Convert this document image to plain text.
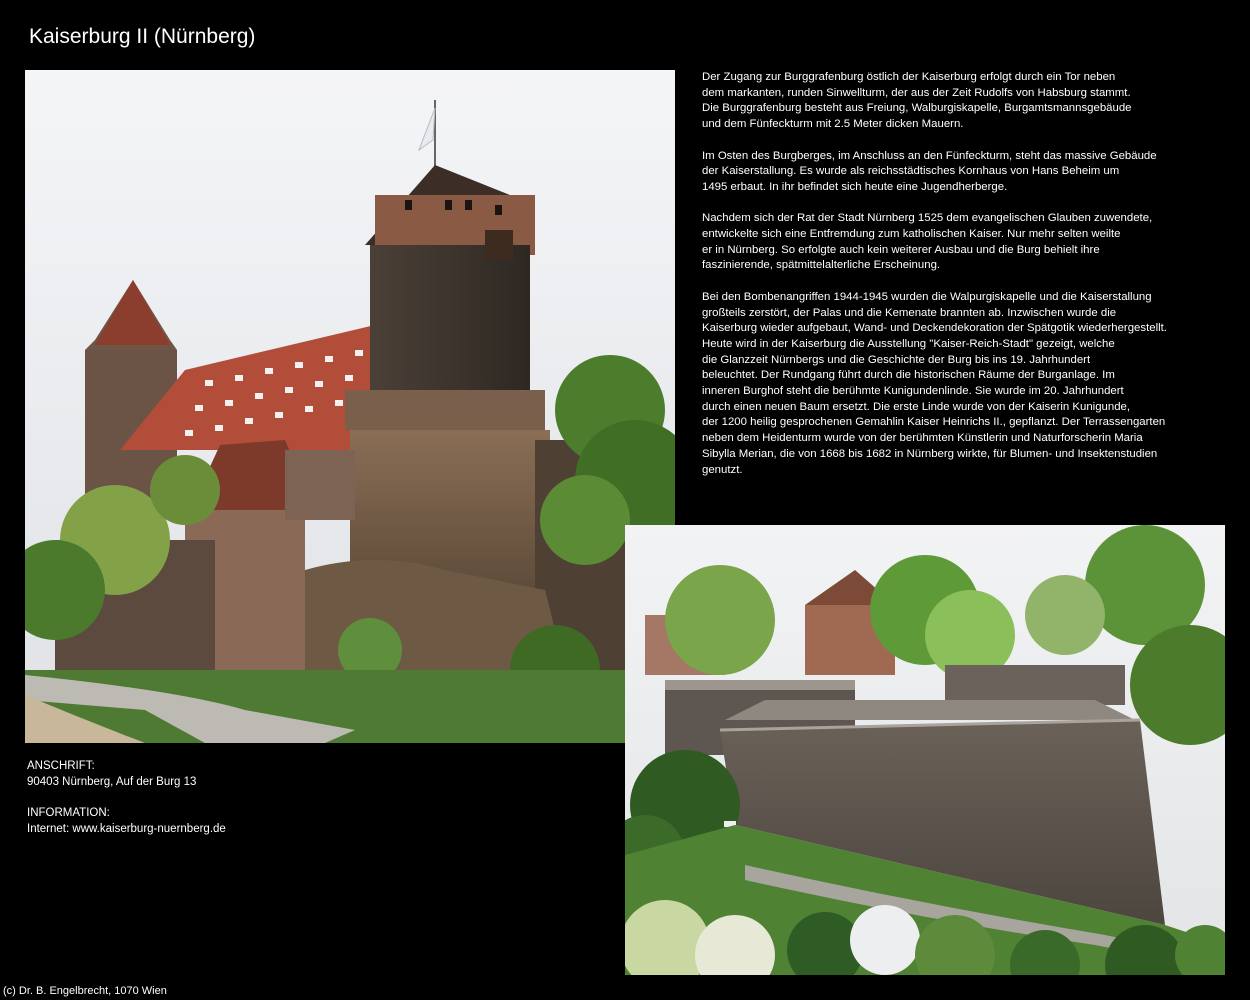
Kaiserburg II (Nürnberg)

Der Zugang zur Burggrafenburg östlich der Kaiserburg erfolgt durch ein Tor neben
dem markanten, runden Sinwellturm, der aus der Zeit Rudolfs von Habsburg stammt.
Die Burggrafenburg besteht aus Freiung, Walburgiskapelle, Burgamtsmannsgebäude
und dem Fünfeckturm mit 2.5 Meter dicken Mauern.

Im Osten des Burgberges, im Anschluss an den Fünfeckturm, steht das massive Gebäude
der Kaiserstallung. Es wurde als reichsstädtisches Kornhaus von Hans Beheim um
1495 erbaut. In ihr befindet sich heute eine Jugendherberge.

Nachdem sich der Rat der Stadt Nürnberg 1525 dem evangelischen Glauben zuwendete,
entwickelte sich eine Entfremdung zum katholischen Kaiser. Nur mehr selten weilte
er in Nürnberg. So erfolgte auch kein weiterer Ausbau und die Burg behielt ihre
faszinierende, spätmittelalterliche Erscheinung.

Bei den Bombenangriffen 1944-1945 wurden die Walpurgiskapelle und die Kaiserstallung
großteils zerstört, der Palas und die Kemenate brannten ab. Inzwischen wurde die
Kaiserburg wieder aufgebaut, Wand- und Deckendekoration der Spätgotik wiederhergestellt.
Heute wird in der Kaiserburg die Ausstellung "Kaiser-Reich-Stadt" gezeigt, welche
die Glanzzeit Nürnbergs und die Geschichte der Burg bis ins 19. Jahrhundert
beleuchtet. Der Rundgang führt durch die historischen Räume der Burganlage. Im
inneren Burghof steht die berühmte Kunigundenlinde. Sie wurde im 20. Jahrhundert
durch einen neuen Baum ersetzt. Die erste Linde wurde von der Kaiserin Kunigunde,
der 1200 heilig gesprochenen Gemahlin Kaiser Heinrichs II., gepflanzt. Der Terrassengarten
neben dem Heidenturm wurde von der berühmten Künstlerin und Naturforscherin Maria
Sibylla Merian, die von 1668 bis 1682 in Nürnberg wirkte, für Blumen- und Insektenstudien
genutzt.

ANSCHRIFT:
90403 Nürnberg, Auf der Burg 13
INFORMATION:
Internet: www.kaiserburg-nuernberg.de
(c) Dr. B. Engelbrecht, 1070 Wien
